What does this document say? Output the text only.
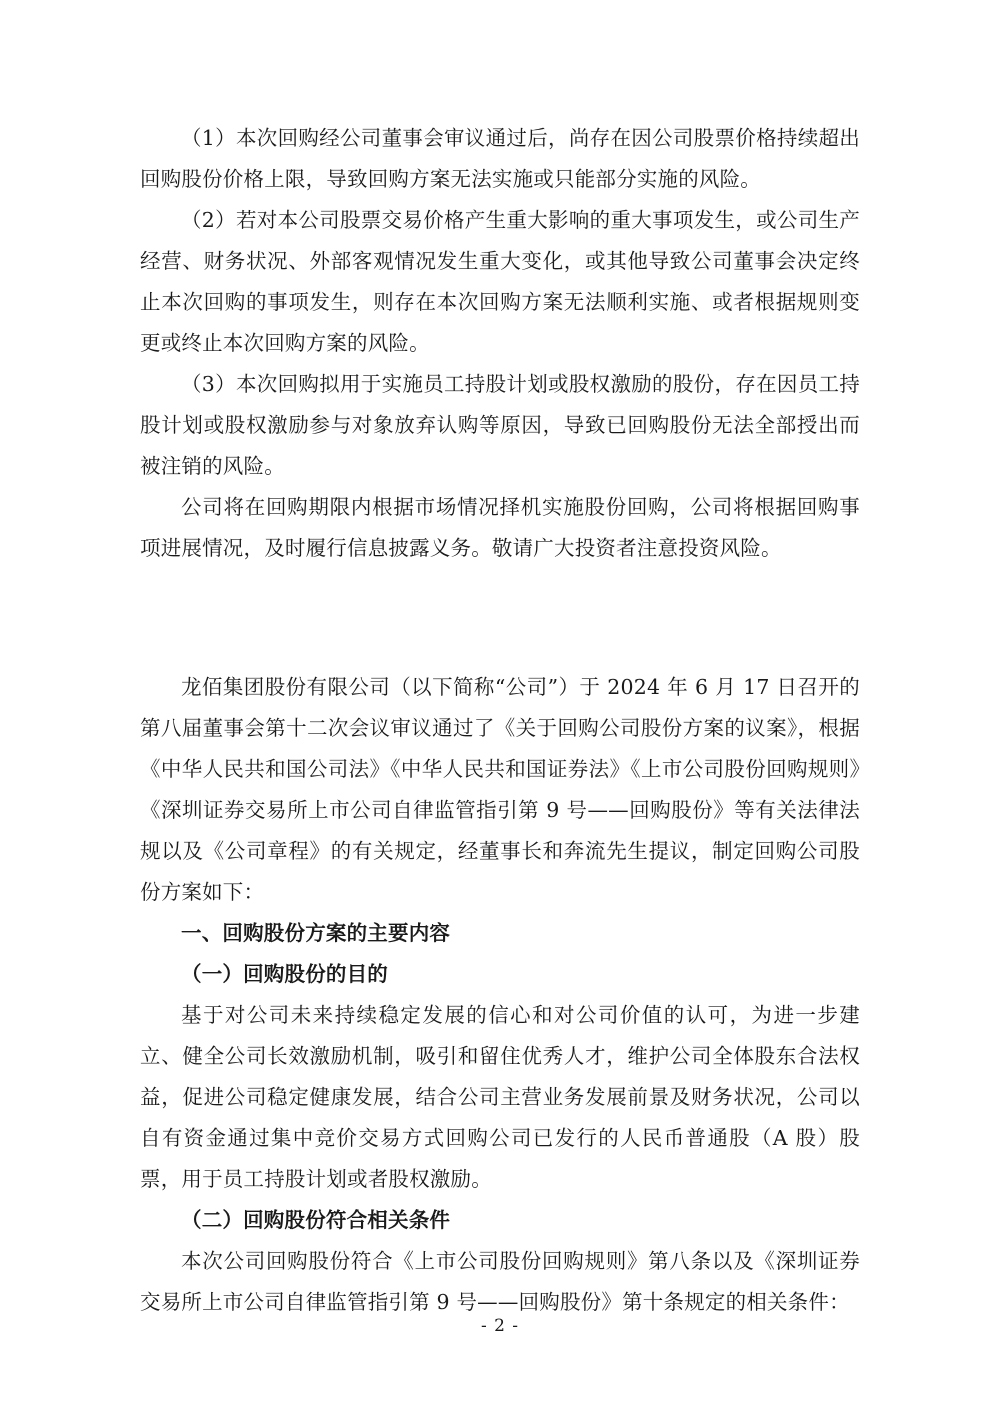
（1）本次回购经公司董事会审议通过后，尚存在因公司股票价格持续超出回购股份价格上限，导致回购方案无法实施或只能部分实施的风险。

（2）若对本公司股票交易价格产生重大影响的重大事项发生，或公司生产经营、财务状况、外部客观情况发生重大变化，或其他导致公司董事会决定终止本次回购的事项发生，则存在本次回购方案无法顺利实施、或者根据规则变更或终止本次回购方案的风险。

（3）本次回购拟用于实施员工持股计划或股权激励的股份，存在因员工持股计划或股权激励参与对象放弃认购等原因，导致已回购股份无法全部授出而被注销的风险。

公司将在回购期限内根据市场情况择机实施股份回购，公司将根据回购事项进展情况，及时履行信息披露义务。敬请广大投资者注意投资风险。

龙佰集团股份有限公司（以下简称“公司”）于 2024 年 6 月 17 日召开的第八届董事会第十二次会议审议通过了《关于回购公司股份方案的议案》，根据《中华人民共和国公司法》《中华人民共和国证券法》《上市公司股份回购规则》《深圳证券交易所上市公司自律监管指引第 9 号——回购股份》等有关法律法规以及《公司章程》的有关规定，经董事长和奔流先生提议，制定回购公司股份方案如下：

一、回购股份方案的主要内容

（一）回购股份的目的

基于对公司未来持续稳定发展的信心和对公司价值的认可，为进一步建立、健全公司长效激励机制，吸引和留住优秀人才，维护公司全体股东合法权益，促进公司稳定健康发展，结合公司主营业务发展前景及财务状况，公司以自有资金通过集中竞价交易方式回购公司已发行的人民币普通股（A 股）股票，用于员工持股计划或者股权激励。

（二）回购股份符合相关条件

本次公司回购股份符合《上市公司股份回购规则》第八条以及《深圳证券交易所上市公司自律监管指引第 9 号——回购股份》第十条规定的相关条件：

- 2 -
